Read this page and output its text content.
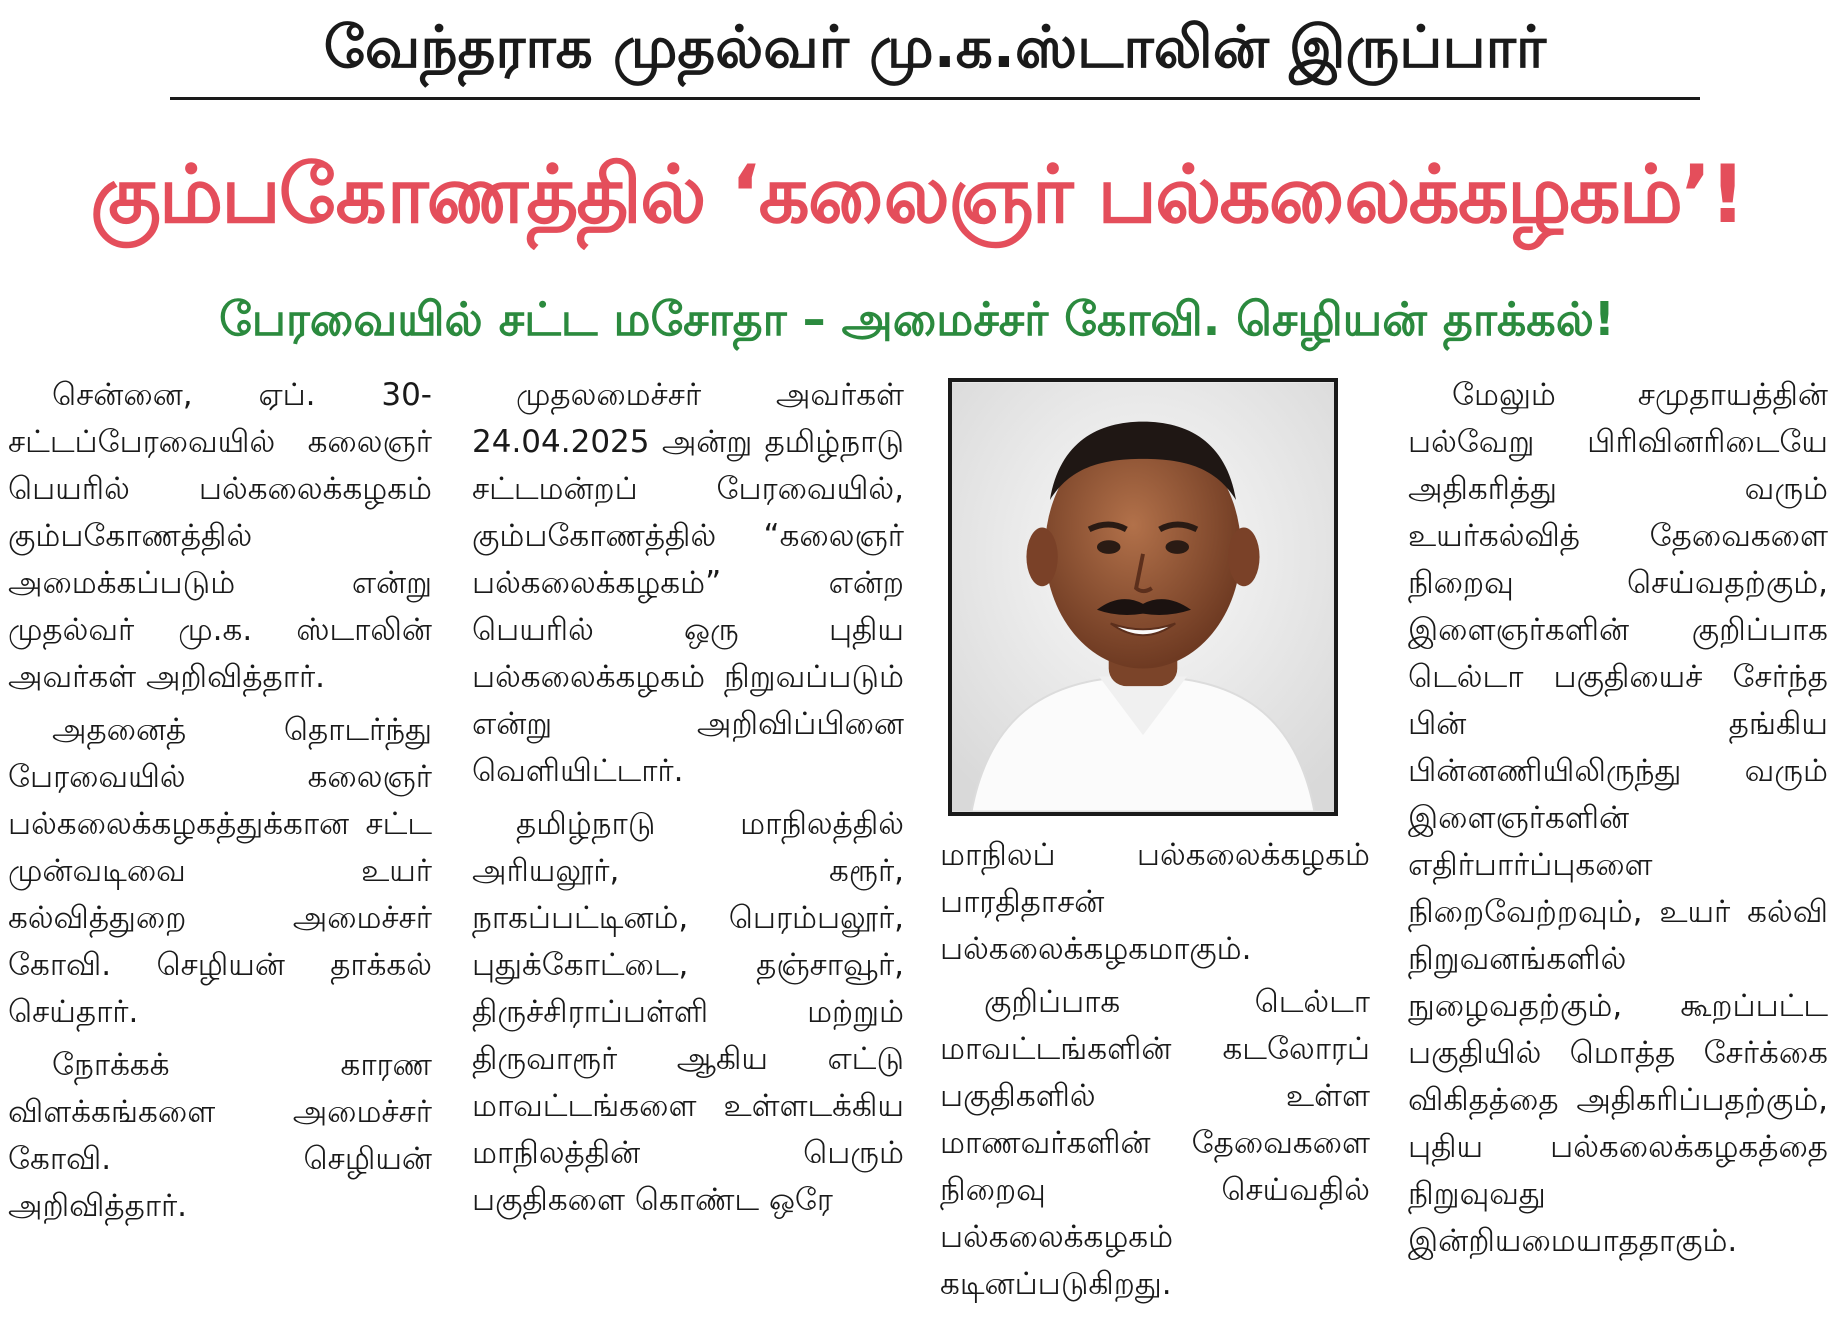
வேந்தராக முதல்வர் மு.க.ஸ்டாலின் இருப்பார்
கும்பகோணத்தில் ‘கலைஞர் பல்கலைக்கழகம்’!
பேரவையில் சட்ட மசோதா – அமைச்சர் கோவி. செழியன் தாக்கல்!

சென்னை, ஏப். 30- சட்டப்பேரவையில் கலைஞர் பெயரில் பல்கலைக்கழகம் கும்பகோணத்தில் அமைக்கப்படும் என்று முதல்வர் மு.க. ஸ்டாலின் அவர்கள் அறிவித்தார்.

அதனைத் தொடர்ந்து பேரவையில் கலைஞர் பல்கலைக்கழகத்துக்கான சட்ட முன்வடிவை உயர் கல்வித்துறை அமைச்சர் கோவி. செழியன் தாக்கல் செய்தார்.

நோக்கக் காரண விளக்கங்களை அமைச்சர் கோவி. செழியன் அறிவித்தார்.

முதலமைச்சர் அவர்கள் 24.04.2025 அன்று தமிழ்நாடு சட்டமன்றப் பேரவையில், கும்பகோணத்தில் “கலைஞர் பல்கலைக்கழகம்” என்ற பெயரில் ஒரு புதிய பல்கலைக்கழகம் நிறுவப்படும் என்று அறிவிப்பினை வெளியிட்டார்.

தமிழ்நாடு மாநிலத்தில் அரியலூர், கரூர், நாகப்பட்டினம், பெரம்பலூர், புதுக்கோட்டை, தஞ்சாவூர், திருச்சிராப்பள்ளி மற்றும் திருவாரூர் ஆகிய எட்டு மாவட்டங்களை உள்ளடக்கிய மாநிலத்தின் பெரும் பகுதிகளை கொண்ட ஒரே

மாநிலப் பல்கலைக்கழகம் பாரதிதாசன் பல்கலைக்கழகமாகும்.

குறிப்பாக டெல்டா மாவட்டங்களின் கடலோரப் பகுதிகளில் உள்ள மாணவர்களின் தேவைகளை நிறைவு செய்வதில் பல்கலைக்கழகம் கடினப்படுகிறது.

மேலும் சமுதாயத்தின் பல்வேறு பிரிவினரிடையே அதிகரித்து வரும் உயர்கல்வித் தேவைகளை நிறைவு செய்வதற்கும், இளைஞர்களின் குறிப்பாக டெல்டா பகுதியைச் சேர்ந்த பின் தங்கிய பின்னணியிலிருந்து வரும் இளைஞர்களின் எதிர்பார்ப்புகளை நிறைவேற்றவும், உயர் கல்வி நிறுவனங்களில் நுழைவதற்கும், கூறப்பட்ட பகுதியில் மொத்த சேர்க்கை விகிதத்தை அதிகரிப்பதற்கும், புதிய பல்கலைக்கழகத்தை நிறுவுவது இன்றியமையாததாகும்.
